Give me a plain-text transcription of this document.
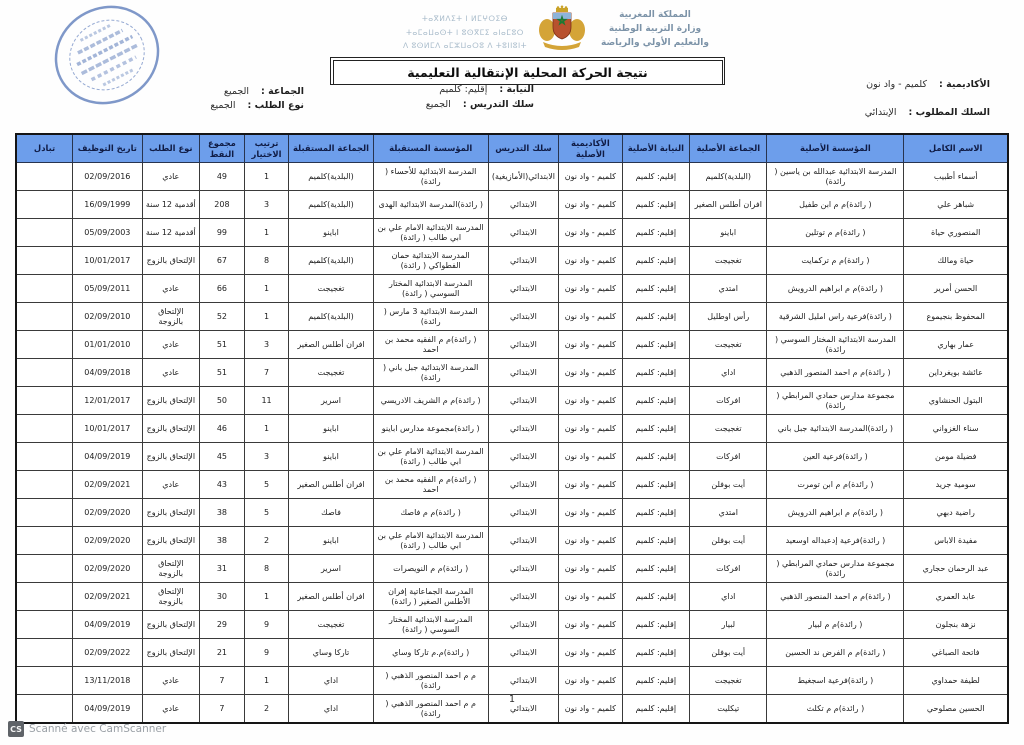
المملكة المغربية
وزارة التربية الوطنية
والتعليم الأولي والرياضة
ⵜⴰⴳⵍⴷⵉⵜ ⵏ ⵍⵎⵖⵔⵉⴱ
ⵜⴰⵎⴰⵡⴰⵙⵜ ⵏ ⵓⵙⴳⵎⵉ ⴰⵏⴰⵎⵓⵔ
ⴷ ⵓⵙⵍⵎⴷ ⴰⵎⵣⵡⴰⵔⵓ ⴷ ⵜⵓⵏⵏⵓⵏⵜ
نتيجة الحركة المحلية الإنتقالية التعليمية
الأكاديمية : كلميم - واد نون
السلك المطلوب : الإبتدائي
النيابة : إقليم: كلميم
سلك التدريس : الجميع
الجماعة : الجميع
نوع الطلب : الجميع
الاسم الكامل	المؤسسة الأصلية	الجماعة الأصلية	النيابة الأصلية	الأكاديمية الأصلية	سلك التدريس	المؤسسة المستقبلة	الجماعة المستقبلة	ترتيب الاختيار	مجموع النقط	نوع الطلب	تاريخ التوظيف	تبادل
أسماء أطبيب	المدرسة الابتدائية عبدالله بن ياسين ( رائدة)	(البلدية)كلميم	إقليم: كلميم	كلميم - واد نون	الابتدائي(الأمازيغية)	المدرسة الابتدائية للأحساء ( رائدة)	(البلدية)كلميم	1	49	عادي	02/09/2016	
شباهر علي	( رائدة)م م ابن طفيل	افران أطلس الصغير	إقليم: كلميم	كلميم - واد نون	الابتدائي	( رائدة)المدرسة الابتدائية الهدى	(البلدية)كلميم	3	208	أقدمية 12 سنة	16/09/1999	
المنصوري حياة	( رائدة)م م توتلين	اباينو	إقليم: كلميم	كلميم - واد نون	الابتدائي	المدرسة الابتدائية الامام علي بن ابي طالب ( رائدة)	اباينو	1	99	أقدمية 12 سنة	05/09/2003	
حياة ومالك	( رائدة)م م تركمايت	تغجيجت	إقليم: كلميم	كلميم - واد نون	الابتدائي	المدرسة الابتدائية حمان الفطواكي ( رائدة)	(البلدية)كلميم	8	67	الإلتحاق بالزوج	10/01/2017	
الحسن أمرير	( رائدة)م م ابراهيم الدرويش	امتدي	إقليم: كلميم	كلميم - واد نون	الابتدائي	المدرسة الابتدائية المختار السوسي ( رائدة)	تغجيجت	1	66	عادي	05/09/2011	
المحفوظ بنجيموع	( رائدة)فرعية راس امليل الشرقية	رأس اوطليل	إقليم: كلميم	كلميم - واد نون	الابتدائي	المدرسة الابتدائية 3 مارس ( رائدة)	(البلدية)كلميم	1	52	الإلتحاق بالزوجة	02/09/2010	
عمار بهاري	المدرسة الابتدائية المختار السوسي ( رائدة)	تغجيجت	إقليم: كلميم	كلميم - واد نون	الابتدائي	( رائدة)م م الفقيه محمد بن احمد	افران أطلس الصغير	3	51	عادي	01/01/2010	
عائشة بويغرداين	( رائدة)م م احمد المنصور الذهبي	اداي	إقليم: كلميم	كلميم - واد نون	الابتدائي	المدرسة الابتدائية جبل باني ( رائدة)	تغجيجت	7	51	عادي	04/09/2018	
البتول الحنشاوي	مجموعة مدارس حمادي المرابطي ( رائدة)	افركات	إقليم: كلميم	كلميم - واد نون	الابتدائي	( رائدة)م م الشريف الادريسي	اسرير	11	50	الإلتحاق بالزوج	12/01/2017	
سناء الغزواني	( رائدة)المدرسة الابتدائية جبل باني	تغجيجت	إقليم: كلميم	كلميم - واد نون	الابتدائي	( رائدة)مجموعة مدارس اباينو	اباينو	1	46	الإلتحاق بالزوج	10/01/2017	
فضيلة مومن	( رائدة)فرعية العين	افركات	إقليم: كلميم	كلميم - واد نون	الابتدائي	المدرسة الابتدائية الامام علي بن ابي طالب ( رائدة)	اباينو	3	45	الإلتحاق بالزوج	04/09/2019	
سومية جريد	( رائدة)م م ابن تومرت	أيت بوفلن	إقليم: كلميم	كلميم - واد نون	الابتدائي	( رائدة)م م الفقيه محمد بن احمد	افران أطلس الصغير	5	43	عادي	02/09/2021	
راضية دبهي	( رائدة)م م ابراهيم الدرويش	امتدي	إقليم: كلميم	كلميم - واد نون	الابتدائي	( رائدة)م م فاصك	فاصك	5	38	الإلتحاق بالزوج	02/09/2020	
مفيدة الاباس	( رائدة)فرعية إدعبداله اوسعيد	أيت بوفلن	إقليم: كلميم	كلميم - واد نون	الابتدائي	المدرسة الابتدائية الامام علي بن ابي طالب ( رائدة)	اباينو	2	38	الإلتحاق بالزوج	02/09/2020	
عبد الرحمان حجاري	مجموعة مدارس حمادي المرابطي ( رائدة)	افركات	إقليم: كلميم	كلميم - واد نون	الابتدائي	( رائدة)م م النويصرات	اسرير	8	31	الإلتحاق بالزوجة	02/09/2020	
عابد العمري	( رائدة)م م احمد المنصور الذهبي	اداي	إقليم: كلميم	كلميم - واد نون	الابتدائي	المدرسة الجماعاتية إفران الأطلس الصغير ( رائدة)	افران أطلس الصغير	1	30	الإلتحاق بالزوجة	02/09/2021	
نزهة بنجلون	( رائدة)م م لبيار	لبيار	إقليم: كلميم	كلميم - واد نون	الابتدائي	المدرسة الابتدائية المختار السوسي ( رائدة)	تغجيجت	9	29	الإلتحاق بالزوج	04/09/2019	
فاتحة الصباغي	( رائدة)م م الفرض ند الحسين	أيت بوفلن	إقليم: كلميم	كلميم - واد نون	الابتدائي	( رائدة)م.م تاركا وساي	تاركا وساي	9	21	الإلتحاق بالزوج	02/09/2022	
لطيفة حمداوي	( رائدة)فرعية اسجغيط	تغجيجت	إقليم: كلميم	كلميم - واد نون	الابتدائي	م م احمد المنصور الذهبي ( رائدة)	اداي	1	7	عادي	13/11/2018	
الحسين مصلوحي	( رائدة)م م تكلث	تيكليت	إقليم: كلميم	كلميم - واد نون	الابتدائي	م م احمد المنصور الذهبي ( رائدة)	اداي	2	7	عادي	04/09/2019	
1
CS Scanné avec CamScanner
